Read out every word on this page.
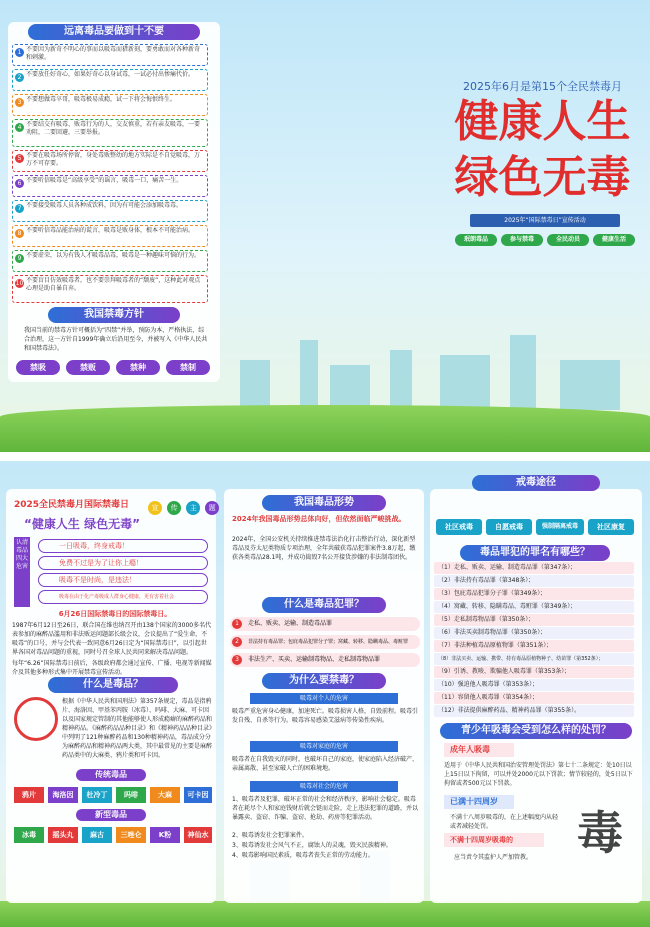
远离毒品要做到十不要
1 不要因为新奇不明心的事而以吸毒而猎新刻，要勇敢而对各种新奇和刺激。
2 不要放任好奇心，如果好奇心以身试毒，一试必付出惨痛代价。
3 不要想做毒卒哥，吸毒极易成瘾，试一下将会悔恨终生。
4 不要结交有吸毒、贩毒行为的人，交友慎重，若有亲友吸毒，一要劝阻，二要回避，三要举报。
5 不要在吸毒场所停留，身处毒贩整幼的地方实际是不自觉吸毒，万万不可存要。
6 不要听信吸毒是“高级享受”的谣言，吸毒一口，痛苦一生。
7 不要接受吸毒人员各种成饮料，因为有可能会添加吸毒毒。
8 不要听信毒品能治病的谎言，吸毒是贩身体，根本不可能治病。
9 不要虚荣，以为有钱人才吸毒品毒，吸毒是一种趣味可恼的行为。
10 不要盲目仿效吸毒者，也不要崇拜吸毒者的“颓废”，这种此对观点心理是助自暴自弃。
我国禁毒方针
我国当前的禁毒方针可概括为“四禁”并举，预防为本，严格执法，综合治理，这一方针自1999年确立后沿用至今，并被写入《中华人民共和国禁毒法》。
禁吸	禁贩	禁种	禁制
2025年6月是第15个全民禁毒月
健康人生
绿色无毒
2025年“国际禁毒日”宣传活动
珉朗毒品	参与禁毒	全民动员	健康生活
2025全民禁毒月国际禁毒日	宣 传 主 题
“健康人生 绿色无毒”
认清毒品四大危害
一日吸毒，终身戒毒！
免费不过是为了让你上瘾！
吸毒不是时尚，是违法！
吸毒在由于化产毒吸成人群身心健康，更有害着社会
6月26日国际禁毒日的国际禁毒日。
1987年6月12日至26日，联合国在维也纳召开由138个国家的3000多名代表参加的麻醉品滥用和非法贩运问题部长级会议，会议提出了“爱生命，不吸毒”的口号，并与会代表一致同意6月26日定为“国际禁毒日”，以引起世界各国对毒品问题的重视，同时号召全球人民共同来解决毒品问题。
每年“6.26”国际禁毒日前后，各级政府都会通过宣传、广播、电视等新闻媒介及其他多种形式集中开展禁毒宣传活动。
什么是毒品？
根据《中华人民共和国刑法》第357条规定，毒品是指鸦片、海洛因、甲基苯丙胺（冰毒）、吗啡、大麻、可卡因以及国家规定管制的其他能够使人形成瘾癖的麻醉药品和精神药品。《麻醉药品品种目录》和《精神药品品种目录》中列明了121种麻醉药品和130种精神药品，毒品成分分为麻醉药品和精神药品两大类，其中最常见的主要是麻醉药品类中的大麻类、鸦片类和可卡因。
传统毒品
鸦片	海洛因	杜冷丁	吗啡	大麻	可卡因
新型毒品
冰毒	摇头丸	麻古	三唑仑	K粉	神仙水
我国毒品形势
2024年我国毒品形势总体向好，但依然面临严峻挑战。
2024年，全国公安机关持续推进禁毒法治化打击整治行动，深化新型毒品及芬太尼类物质专项治理，全年共破获毒品犯罪案件3.8万起，缴获各类毒品28.1吨，并成功捣毁7名公开接货涉嫌的非法制毒团伙。
什么是毒品犯罪？
1	走私、贩卖、运输、制造毒品罪
2	非法持有毒品罪；包庇毒品犯罪分子罪；窝藏、转移、隐瞒毒品、毒赃罪
3	非法生产、买卖、运输制毒物品、走私制毒物品罪
为什么要禁毒？
吸毒对个人的危害
吸毒严重危害身心健康，加速死亡。吸毒损害人格，自毁前程。吸毒引发自残、自杀等行为。吸毒容易感染艾滋病等传染性疾病。
吸毒对家庭的危害
吸毒者在自我毁灭的同时，也破坏自己的家庭，使家庭陷入经济破产、亲属离散、甚至家破人亡的困难境地。
吸毒对社会的危害
1、吸毒者及犯罪，破坏正常的社会和经济秩序，影响社会稳定。吸毒者在耗尽个人和家庭钱财后就会铤而走险，走上违法犯罪的道路，并以暴露卖、盗窃、诈骗、盗窃、抢劫、药房等犯罪活动。
2、吸毒诱发社会犯罪案件。
3、吸毒诱发社会风气不正，腐蚀人的灵魂，毁灭民族精神。
4、吸毒影响国民素质，吸毒者丧失正常的劳动能力。
戒毒途径
社区戒毒	自愿戒毒	强制隔离戒毒	社区康复
毒品罪犯的罪名有哪些？
（1）走私、贩卖、运输、制造毒品罪（第347条）；
（2）非法持有毒品罪（第348条）；
（3）包庇毒品犯罪分子罪（第349条）；
（4）窝藏、转移、隐瞒毒品、毒赃罪（第349条）；
（5）走私制毒物品罪（第350条）；
（6）非法买卖制毒物品罪（第350条）；
（7）非法种植毒品原植物罪（第351条）；
（8）非法买卖、运输、携带、持有毒品原植物种子、幼苗罪（第352条）；
（9）引诱、教唆、欺骗他人吸毒罪（第353条）；
（10）强迫他人吸毒罪（第353条）；
（11）容留他人吸毒罪（第354条）；
（12）非法提供麻醉药品、精神药品罪（第355条）。
青少年吸毒会受到怎么样的处罚？
成年人吸毒
适用于《中华人民共和国治安管理处罚法》第七十二条规定：处10日以上15日以下拘留，可以并处2000元以下罚款；情节较轻的，处5日以下拘留或者500元以下罚款。
已满十四周岁
不满十八周岁吸毒的，在上述幅度内从轻或者减轻处罚。
不满十四周岁吸毒的
应当责令其监护人严加管教。 毒
